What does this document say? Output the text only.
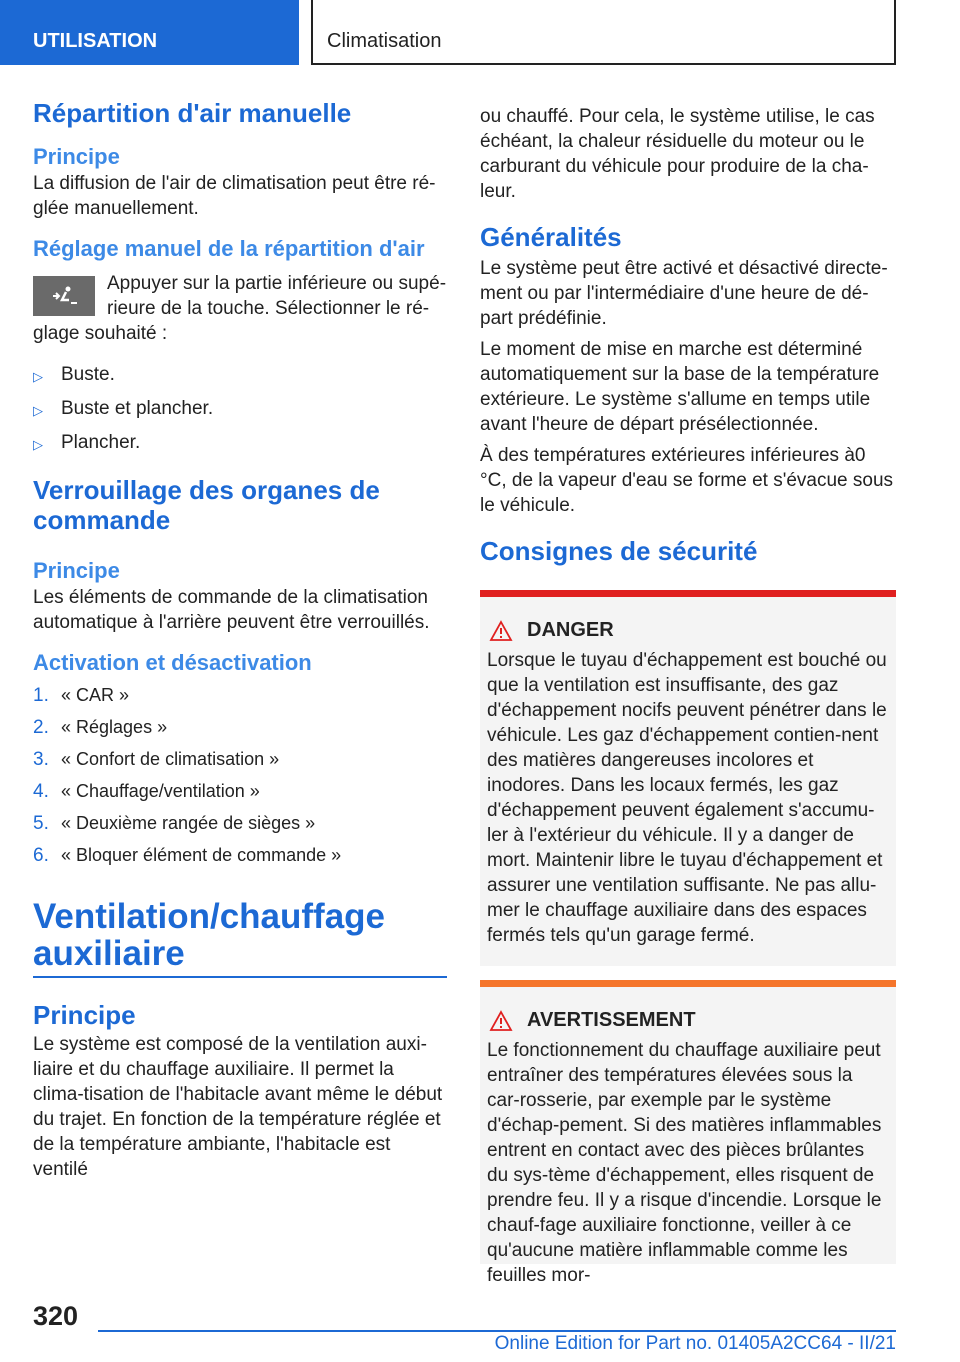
UTILISATION	Climatisation
Répartition d'air manuelle
Principe

La diffusion de l'air de climatisation peut être ré-glée manuellement.

Réglage manuel de la répartition d'air

Appuyer sur la partie inférieure ou supé-rieure de la touche. Sélectionner le ré-glage souhaité :

▷ Buste.
▷ Buste et plancher.
▷ Plancher.
Verrouillage des organes de commande
Principe

Les éléments de commande de la climatisation automatique à l'arrière peuvent être verrouillés.

Activation et désactivation
1. « CAR »
2. « Réglages »
3. « Confort de climatisation »
4. « Chauffage/ventilation »
5. « Deuxième rangée de sièges »
6. « Bloquer élément de commande »
Ventilation/chauffage auxiliaire
Principe

Le système est composé de la ventilation auxi-liaire et du chauffage auxiliaire. Il permet la clima-tisation de l'habitacle avant même le début du trajet. En fonction de la température réglée et de la température ambiante, l'habitacle est ventilé

ou chauffé. Pour cela, le système utilise, le cas échéant, la chaleur résiduelle du moteur ou le carburant du véhicule pour produire de la cha-leur.

Généralités

Le système peut être activé et désactivé directe-ment ou par l'intermédiaire d'une heure de dé-part prédéfinie.

Le moment de mise en marche est déterminé automatiquement sur la base de la température extérieure. Le système s'allume en temps utile avant l'heure de départ présélectionnée.

À des températures extérieures inférieures à0 °C, de la vapeur d'eau se forme et s'évacue sous le véhicule.

Consignes de sécurité
DANGER

Lorsque le tuyau d'échappement est bouché ou que la ventilation est insuffisante, des gaz d'échappement nocifs peuvent pénétrer dans le véhicule. Les gaz d'échappement contien-nent des matières dangereuses incolores et inodores. Dans les locaux fermés, les gaz d'échappement peuvent également s'accumu-ler à l'extérieur du véhicule. Il y a danger de mort. Maintenir libre le tuyau d'échappement et assurer une ventilation suffisante. Ne pas allu-mer le chauffage auxiliaire dans des espaces fermés tels qu'un garage fermé.

AVERTISSEMENT

Le fonctionnement du chauffage auxiliaire peut entraîner des températures élevées sous la car-rosserie, par exemple par le système d'échap-pement. Si des matières inflammables entrent en contact avec des pièces brûlantes du sys-tème d'échappement, elles risquent de prendre feu. Il y a risque d'incendie. Lorsque le chauf-fage auxiliaire fonctionne, veiller à ce qu'aucune matière inflammable comme les feuilles mor-

320
Online Edition for Part no. 01405A2CC64 - II/21
